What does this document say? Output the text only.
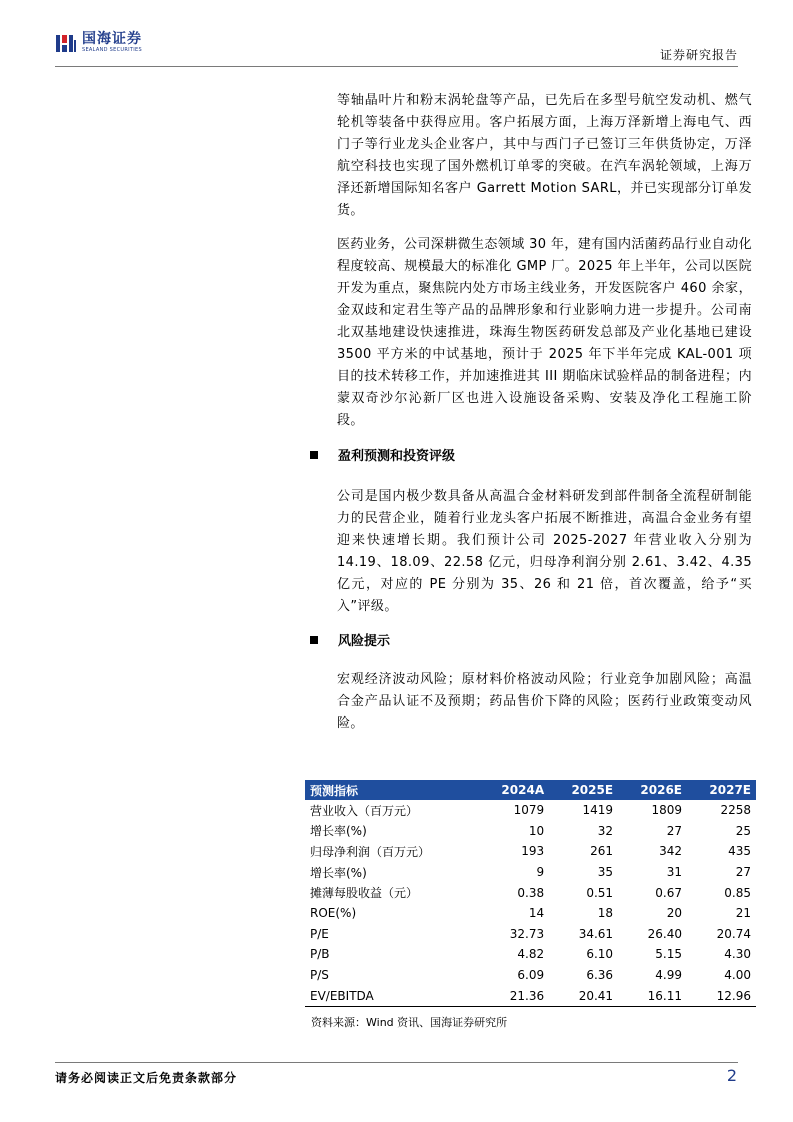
国海证券
SEALAND SECURITIES	证券研究报告

等轴晶叶片和粉末涡轮盘等产品，已先后在多型号航空发动机、燃气轮机等装备中获得应用。客户拓展方面，上海万泽新增上海电气、西门子等行业龙头企业客户，其中与西门子已签订三年供货协定，万泽航空科技也实现了国外燃机订单零的突破。在汽车涡轮领域，上海万泽还新增国际知名客户 Garrett Motion SARL，并已实现部分订单发货。

医药业务，公司深耕微生态领域 30 年，建有国内活菌药品行业自动化程度较高、规模最大的标准化 GMP 厂。2025 年上半年，公司以医院开发为重点，聚焦院内处方市场主线业务，开发医院客户 460 余家，金双歧和定君生等产品的品牌形象和行业影响力进一步提升。公司南北双基地建设快速推进，珠海生物医药研发总部及产业化基地已建设 3500 平方米的中试基地，预计于 2025 年下半年完成 KAL-001 项目的技术转移工作，并加速推进其 III 期临床试验样品的制备进程；内蒙双奇沙尔沁新厂区也进入设施设备采购、安装及净化工程施工阶段。

盈利预测和投资评级

公司是国内极少数具备从高温合金材料研发到部件制备全流程研制能力的民营企业，随着行业龙头客户拓展不断推进，高温合金业务有望迎来快速增长期。我们预计公司 2025-2027 年营业收入分别为 14.19、18.09、22.58 亿元，归母净利润分别 2.61、3.42、4.35 亿元，对应的 PE 分别为 35、26 和 21 倍，首次覆盖，给予“买入”评级。

风险提示

宏观经济波动风险；原材料价格波动风险；行业竞争加剧风险；高温合金产品认证不及预期；药品售价下降的风险；医药行业政策变动风险。

预测指标	2024A	2025E	2026E	2027E
营业收入（百万元）	1079	1419	1809	2258
增长率(%)	10	32	27	25
归母净利润（百万元）	193	261	342	435
增长率(%)	9	35	31	27
摊薄每股收益（元）	0.38	0.51	0.67	0.85
ROE(%)	14	18	20	21
P/E	32.73	34.61	26.40	20.74
P/B	4.82	6.10	5.15	4.30
P/S	6.09	6.36	4.99	4.00
EV/EBITDA	21.36	20.41	16.11	12.96
资料来源：Wind 资讯、国海证券研究所
请务必阅读正文后免责条款部分	2
